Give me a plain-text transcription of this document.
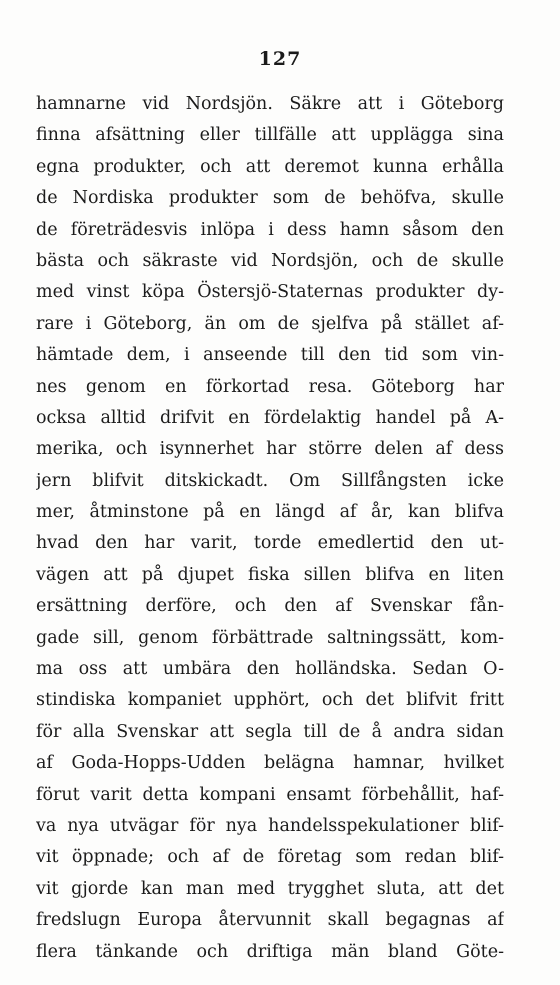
127
hamnarne vid Nordsjön. Säkre att i Göteborg
finna afsättning eller tillfälle att upplägga sina
egna produkter, och att deremot kunna erhålla
de Nordiska produkter som de behöfva, skulle
de företrädesvis inlöpa i dess hamn såsom den
bästa och säkraste vid Nordsjön, och de skulle
med vinst köpa Östersjö-Staternas produkter dy-
rare i Göteborg, än om de sjelfva på stället af-
hämtade dem, i anseende till den tid som vin-
nes genom en förkortad resa. Göteborg har
ocksa alltid drifvit en fördelaktig handel på A-
merika, och isynnerhet har större delen af dess
jern blifvit ditskickadt. Om Sillfångsten icke
mer, åtminstone på en längd af år, kan blifva
hvad den har varit, torde emedlertid den ut-
vägen att på djupet fiska sillen blifva en liten
ersättning derföre, och den af Svenskar fån-
gade sill, genom förbättrade saltningssätt, kom-
ma oss att umbära den holländska. Sedan O-
stindiska kompaniet upphört, och det blifvit fritt
för alla Svenskar att segla till de å andra sidan
af Goda-Hopps-Udden belägna hamnar, hvilket
förut varit detta kompani ensamt förbehållit, haf-
va nya utvägar för nya handelsspekulationer blif-
vit öppnade; och af de företag som redan blif-
vit gjorde kan man med trygghet sluta, att det
fredslugn Europa återvunnit skall begagnas af
flera tänkande och driftiga män bland Göte-
